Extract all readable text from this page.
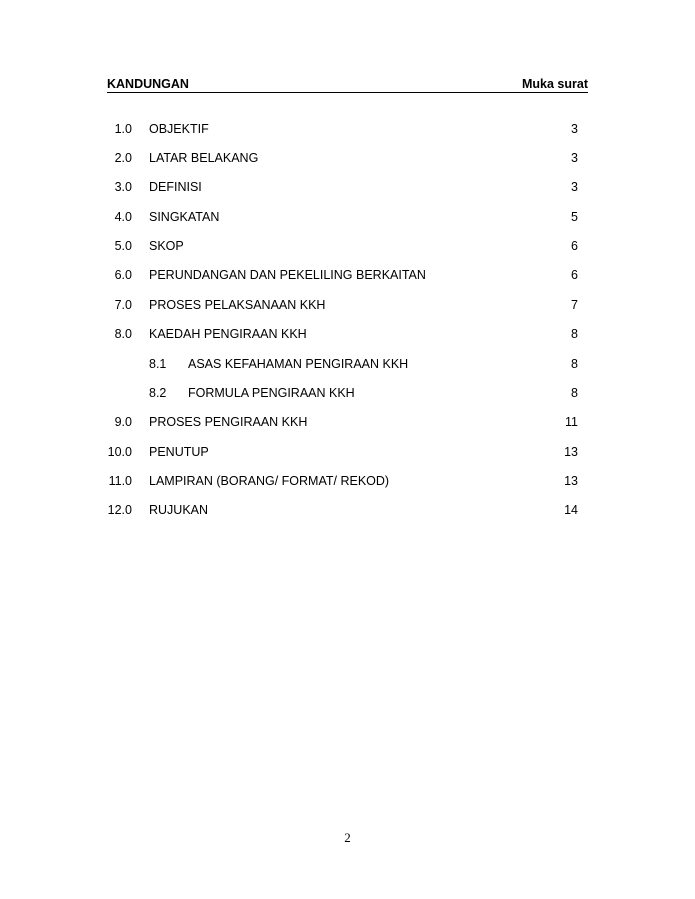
KANDUNGAN	Muka surat
1.0 OBJEKTIF	3
2.0 LATAR BELAKANG	3
3.0 DEFINISI	3
4.0 SINGKATAN	5
5.0 SKOP	6
6.0 PERUNDANGAN DAN PEKELILING BERKAITAN	6
7.0 PROSES PELAKSANAAN KKH	7
8.0 KAEDAH PENGIRAAN KKH	8
8.1 ASAS KEFAHAMAN PENGIRAAN KKH	8
8.2 FORMULA PENGIRAAN KKH	8
9.0 PROSES PENGIRAAN KKH	11
10.0 PENUTUP	13
11.0 LAMPIRAN (BORANG/ FORMAT/ REKOD)	13
12.0 RUJUKAN	14
2
